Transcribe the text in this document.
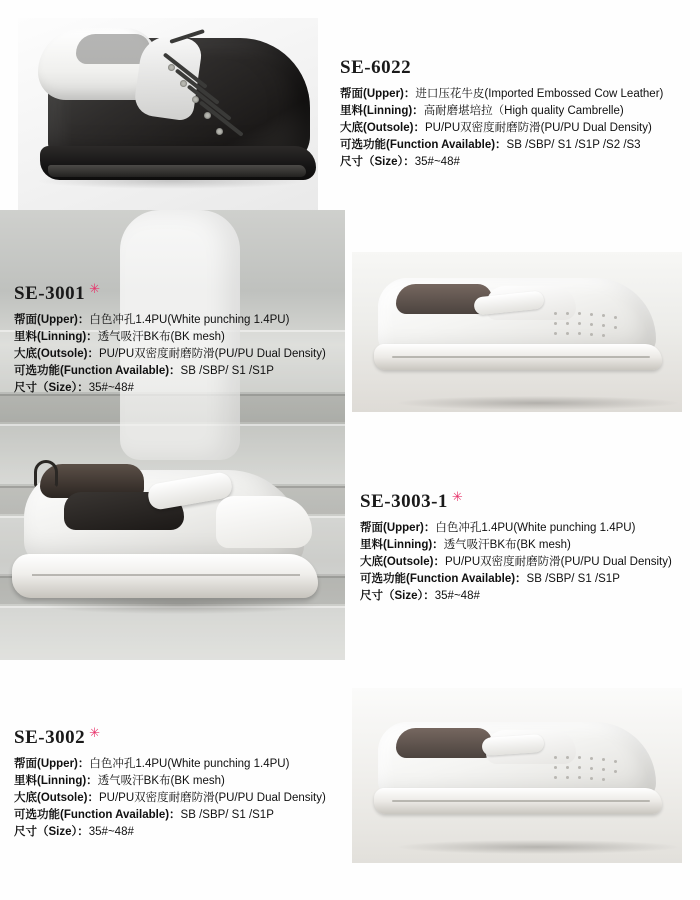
SE-6022
帮面(Upper)：进口压花牛皮(Imported Embossed Cow Leather)
里料(Linning)：高耐磨堪培拉（High quality Cambrelle)
大底(Outsole)：PU/PU双密度耐磨防滑(PU/PU Dual Density)
可选功能(Function Available)：SB /SBP/ S1 /S1P /S2 /S3
尺寸（Size）：35#~48#
SE-3001 ✳
帮面(Upper)：白色冲孔1.4PU(White punching 1.4PU)
里料(Linning)：透气吸汗BK布(BK mesh)
大底(Outsole)：PU/PU双密度耐磨防滑(PU/PU Dual Density)
可选功能(Function Available)：SB /SBP/ S1 /S1P
尺寸（Size）：35#~48#
SE-3003-1 ✳
帮面(Upper)：白色冲孔1.4PU(White punching 1.4PU)
里料(Linning)：透气吸汗BK布(BK mesh)
大底(Outsole)：PU/PU双密度耐磨防滑(PU/PU Dual Density)
可选功能(Function Available)：SB /SBP/ S1 /S1P
尺寸（Size）：35#~48#
SE-3002 ✳
帮面(Upper)：白色冲孔1.4PU(White punching 1.4PU)
里料(Linning)：透气吸汗BK布(BK mesh)
大底(Outsole)：PU/PU双密度耐磨防滑(PU/PU Dual Density)
可选功能(Function Available)：SB /SBP/ S1 /S1P
尺寸（Size）：35#~48#
